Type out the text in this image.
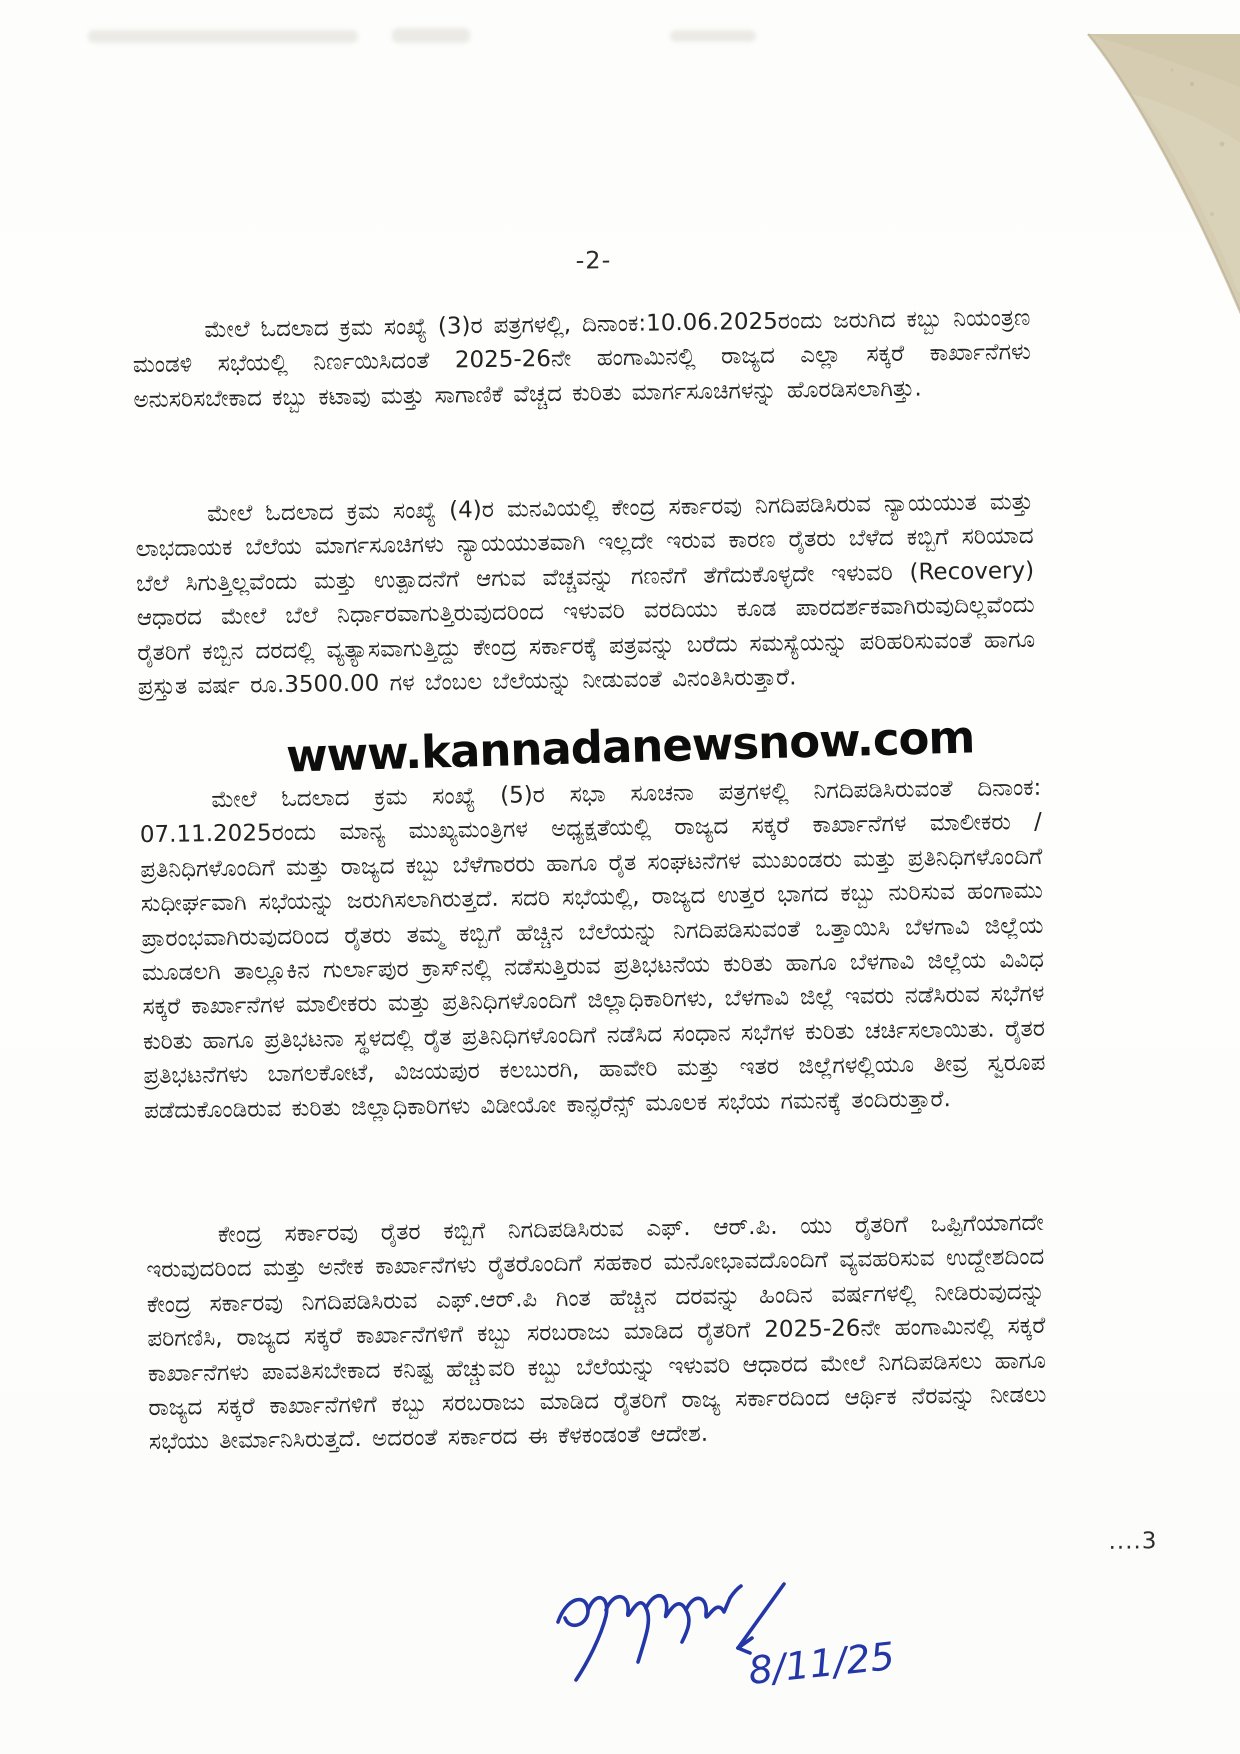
-2-

ಮೇಲೆ ಓದಲಾದ ಕ್ರಮ ಸಂಖ್ಯೆ (3)ರ ಪತ್ರಗಳಲ್ಲಿ, ದಿನಾಂಕ:10.06.2025ರಂದು ಜರುಗಿದ ಕಬ್ಬು ನಿಯಂತ್ರಣ ಮಂಡಳಿ ಸಭೆಯಲ್ಲಿ ನಿರ್ಣಯಿಸಿದಂತೆ 2025-26ನೇ ಹಂಗಾಮಿನಲ್ಲಿ ರಾಜ್ಯದ ಎಲ್ಲಾ ಸಕ್ಕರೆ ಕಾರ್ಖಾನೆಗಳು ಅನುಸರಿಸಬೇಕಾದ ಕಬ್ಬು ಕಟಾವು ಮತ್ತು ಸಾಗಾಣಿಕೆ ವೆಚ್ಚದ ಕುರಿತು ಮಾರ್ಗಸೂಚಿಗಳನ್ನು ಹೊರಡಿಸಲಾಗಿತ್ತು.

ಮೇಲೆ ಓದಲಾದ ಕ್ರಮ ಸಂಖ್ಯೆ (4)ರ ಮನವಿಯಲ್ಲಿ ಕೇಂದ್ರ ಸರ್ಕಾರವು ನಿಗದಿಪಡಿಸಿರುವ ನ್ಯಾಯಯುತ ಮತ್ತು ಲಾಭದಾಯಕ ಬೆಲೆಯ ಮಾರ್ಗಸೂಚಿಗಳು ನ್ಯಾಯಯುತವಾಗಿ ಇಲ್ಲದೇ ಇರುವ ಕಾರಣ ರೈತರು ಬೆಳೆದ ಕಬ್ಬಿಗೆ ಸರಿಯಾದ ಬೆಲೆ ಸಿಗುತ್ತಿಲ್ಲವೆಂದು ಮತ್ತು ಉತ್ಪಾದನೆಗೆ ಆಗುವ ವೆಚ್ಚವನ್ನು ಗಣನೆಗೆ ತೆಗೆದುಕೊಳ್ಳದೇ ಇಳುವರಿ (Recovery) ಆಧಾರದ ಮೇಲೆ ಬೆಲೆ ನಿರ್ಧಾರವಾಗುತ್ತಿರುವುದರಿಂದ ಇಳುವರಿ ವರದಿಯು ಕೂಡ ಪಾರದರ್ಶಕವಾಗಿರುವುದಿಲ್ಲವೆಂದು ರೈತರಿಗೆ ಕಬ್ಬಿನ ದರದಲ್ಲಿ ವ್ಯತ್ಯಾಸವಾಗುತ್ತಿದ್ದು ಕೇಂದ್ರ ಸರ್ಕಾರಕ್ಕೆ ಪತ್ರವನ್ನು ಬರೆದು ಸಮಸ್ಯೆಯನ್ನು ಪರಿಹರಿಸುವಂತೆ ಹಾಗೂ ಪ್ರಸ್ತುತ ವರ್ಷ ರೂ.3500.00 ಗಳ ಬೆಂಬಲ ಬೆಲೆಯನ್ನು ನೀಡುವಂತೆ ವಿನಂತಿಸಿರುತ್ತಾರೆ.

ಮೇಲೆ ಓದಲಾದ ಕ್ರಮ ಸಂಖ್ಯೆ (5)ರ ಸಭಾ ಸೂಚನಾ ಪತ್ರಗಳಲ್ಲಿ ನಿಗದಿಪಡಿಸಿರುವಂತೆ ದಿನಾಂಕ: 07.11.2025ರಂದು ಮಾನ್ಯ ಮುಖ್ಯಮಂತ್ರಿಗಳ ಅಧ್ಯಕ್ಷತೆಯಲ್ಲಿ ರಾಜ್ಯದ ಸಕ್ಕರೆ ಕಾರ್ಖಾನೆಗಳ ಮಾಲೀಕರು / ಪ್ರತಿನಿಧಿಗಳೊಂದಿಗೆ ಮತ್ತು ರಾಜ್ಯದ ಕಬ್ಬು ಬೆಳೆಗಾರರು ಹಾಗೂ ರೈತ ಸಂಘಟನೆಗಳ ಮುಖಂಡರು ಮತ್ತು ಪ್ರತಿನಿಧಿಗಳೊಂದಿಗೆ ಸುಧೀರ್ಘವಾಗಿ ಸಭೆಯನ್ನು ಜರುಗಿಸಲಾಗಿರುತ್ತದೆ. ಸದರಿ ಸಭೆಯಲ್ಲಿ, ರಾಜ್ಯದ ಉತ್ತರ ಭಾಗದ ಕಬ್ಬು ನುರಿಸುವ ಹಂಗಾಮು ಪ್ರಾರಂಭವಾಗಿರುವುದರಿಂದ ರೈತರು ತಮ್ಮ ಕಬ್ಬಿಗೆ ಹೆಚ್ಚಿನ ಬೆಲೆಯನ್ನು ನಿಗದಿಪಡಿಸುವಂತೆ ಒತ್ತಾಯಿಸಿ ಬೆಳಗಾವಿ ಜಿಲ್ಲೆಯ ಮೂಡಲಗಿ ತಾಲ್ಲೂಕಿನ ಗುರ್ಲಾಪುರ ಕ್ರಾಸ್‌ನಲ್ಲಿ ನಡೆಸುತ್ತಿರುವ ಪ್ರತಿಭಟನೆಯ ಕುರಿತು ಹಾಗೂ ಬೆಳಗಾವಿ ಜಿಲ್ಲೆಯ ವಿವಿಧ ಸಕ್ಕರೆ ಕಾರ್ಖಾನೆಗಳ ಮಾಲೀಕರು ಮತ್ತು ಪ್ರತಿನಿಧಿಗಳೊಂದಿಗೆ ಜಿಲ್ಲಾಧಿಕಾರಿಗಳು, ಬೆಳಗಾವಿ ಜಿಲ್ಲೆ ಇವರು ನಡೆಸಿರುವ ಸಭೆಗಳ ಕುರಿತು ಹಾಗೂ ಪ್ರತಿಭಟನಾ ಸ್ಥಳದಲ್ಲಿ ರೈತ ಪ್ರತಿನಿಧಿಗಳೊಂದಿಗೆ ನಡೆಸಿದ ಸಂಧಾನ ಸಭೆಗಳ ಕುರಿತು ಚರ್ಚಿಸಲಾಯಿತು. ರೈತರ ಪ್ರತಿಭಟನೆಗಳು ಬಾಗಲಕೋಟೆ, ವಿಜಯಪುರ ಕಲಬುರಗಿ, ಹಾವೇರಿ ಮತ್ತು ಇತರ ಜಿಲ್ಲೆಗಳಲ್ಲಿಯೂ ತೀವ್ರ ಸ್ವರೂಪ ಪಡೆದುಕೊಂಡಿರುವ ಕುರಿತು ಜಿಲ್ಲಾಧಿಕಾರಿಗಳು ವಿಡೀಯೋ ಕಾನ್ಫರೆನ್ಸ್ ಮೂಲಕ ಸಭೆಯ ಗಮನಕ್ಕೆ ತಂದಿರುತ್ತಾರೆ.

ಕೇಂದ್ರ ಸರ್ಕಾರವು ರೈತರ ಕಬ್ಬಿಗೆ ನಿಗದಿಪಡಿಸಿರುವ ಎಫ್. ಆರ್.ಪಿ. ಯು ರೈತರಿಗೆ ಒಪ್ಪಿಗೆಯಾಗದೇ ಇರುವುದರಿಂದ ಮತ್ತು ಅನೇಕ ಕಾರ್ಖಾನೆಗಳು ರೈತರೊಂದಿಗೆ ಸಹಕಾರ ಮನೋಭಾವದೊಂದಿಗೆ ವ್ಯವಹರಿಸುವ ಉದ್ದೇಶದಿಂದ ಕೇಂದ್ರ ಸರ್ಕಾರವು ನಿಗದಿಪಡಿಸಿರುವ ಎಫ್.ಆರ್.ಪಿ ಗಿಂತ ಹೆಚ್ಚಿನ ದರವನ್ನು ಹಿಂದಿನ ವರ್ಷಗಳಲ್ಲಿ ನೀಡಿರುವುದನ್ನು ಪರಿಗಣಿಸಿ, ರಾಜ್ಯದ ಸಕ್ಕರೆ ಕಾರ್ಖಾನೆಗಳಿಗೆ ಕಬ್ಬು ಸರಬರಾಜು ಮಾಡಿದ ರೈತರಿಗೆ 2025-26ನೇ ಹಂಗಾಮಿನಲ್ಲಿ ಸಕ್ಕರೆ ಕಾರ್ಖಾನೆಗಳು ಪಾವತಿಸಬೇಕಾದ ಕನಿಷ್ಟ ಹೆಚ್ಚುವರಿ ಕಬ್ಬು ಬೆಲೆಯನ್ನು ಇಳುವರಿ ಆಧಾರದ ಮೇಲೆ ನಿಗದಿಪಡಿಸಲು ಹಾಗೂ ರಾಜ್ಯದ ಸಕ್ಕರೆ ಕಾರ್ಖಾನೆಗಳಿಗೆ ಕಬ್ಬು ಸರಬರಾಜು ಮಾಡಿದ ರೈತರಿಗೆ ರಾಜ್ಯ ಸರ್ಕಾರದಿಂದ ಆರ್ಥಿಕ ನೆರವನ್ನು ನೀಡಲು ಸಭೆಯು ತೀರ್ಮಾನಿಸಿರುತ್ತದೆ. ಅದರಂತೆ ಸರ್ಕಾರದ ಈ ಕೆಳಕಂಡಂತೆ ಆದೇಶ.

....3
www.kannadanewsnow.com
8/11/25
